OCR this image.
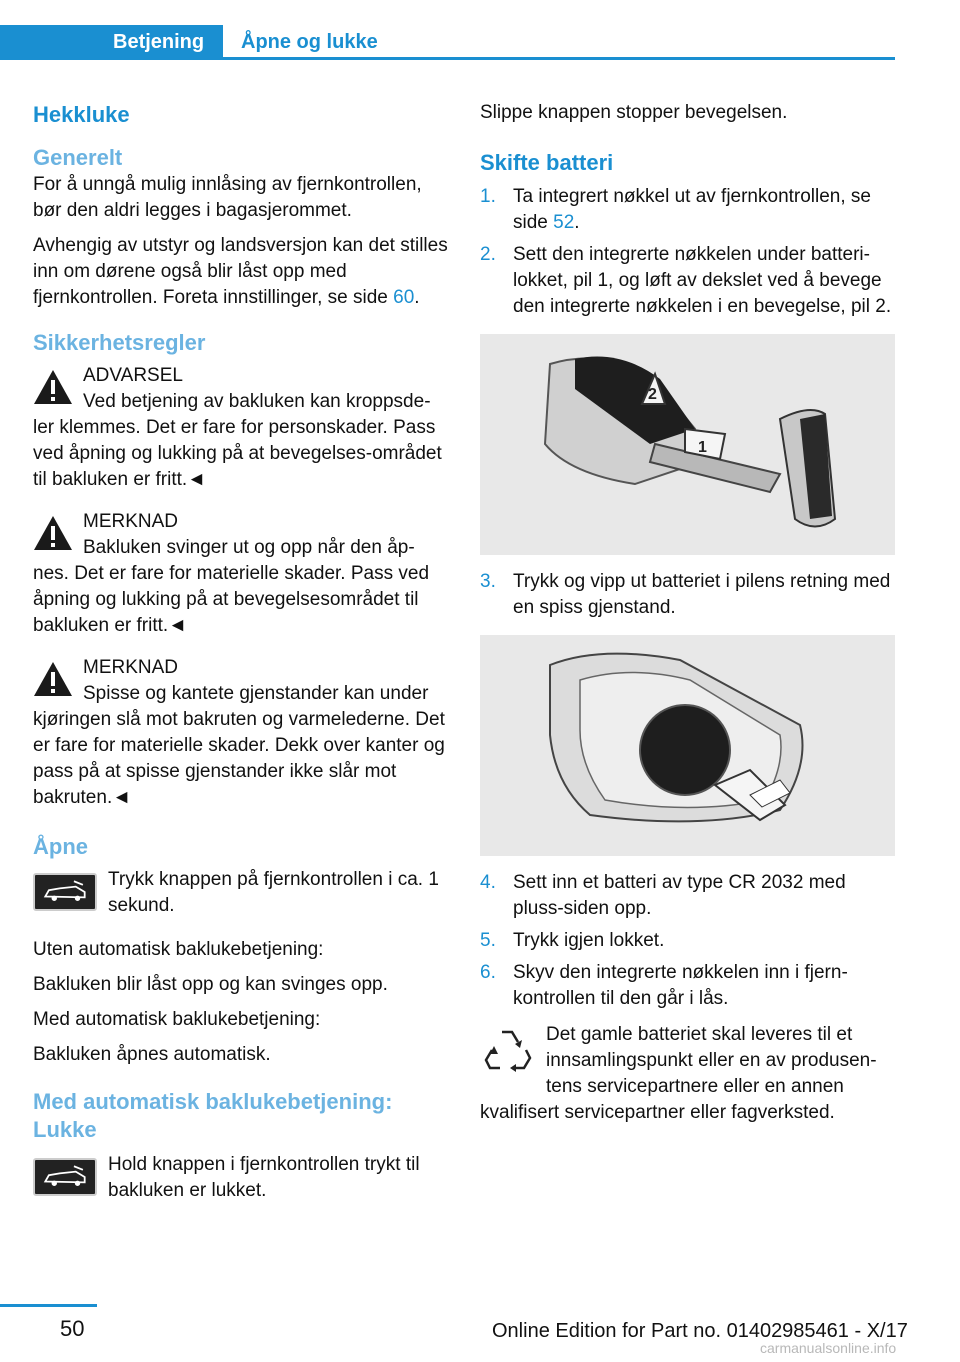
Betjening	Åpne og lukke
Hekkluke
Generelt
For å unngå mulig innlåsing av fjernkontrollen, bør den aldri legges i bagasjerommet.
Avhengig av utstyr og landsversjon kan det stilles inn om dørene også blir låst opp med fjernkontrollen. Foreta innstillinger, se side 60.
Sikkerhetsregler
ADVARSEL
Ved betjening av bakluken kan kroppsde-
ler klemmes. Det er fare for personskader. Pass ved åpning og lukking på at bevegelses-området til bakluken er fritt.◄
MERKNAD
Bakluken svinger ut og opp når den åp-
nes. Det er fare for materielle skader. Pass ved åpning og lukking på at bevegelsesområdet til bakluken er fritt.◄
MERKNAD
Spisse og kantete gjenstander kan under
kjøringen slå mot bakruten og varmelederne. Det er fare for materielle skader. Dekk over kanter og pass på at spisse gjenstander ikke slår mot bakruten.◄
Åpne
Trykk knappen på fjernkontrollen i ca. 1 sekund.
Uten automatisk baklukebetjening:
Bakluken blir låst opp og kan svinges opp.
Med automatisk baklukebetjening:
Bakluken åpnes automatisk.
Med automatisk baklukebetjening: Lukke
Hold knappen i fjernkontrollen trykt til bakluken er lukket.
Slippe knappen stopper bevegelsen.
Skifte batteri
1. Ta integrert nøkkel ut av fjernkontrollen, se side 52.
2. Sett den integrerte nøkkelen under batteri-lokket, pil 1, og løft av dekslet ved å bevege den integrerte nøkkelen i en bevegelse, pil 2.
2
1
3. Trykk og vipp ut batteriet i pilens retning med en spiss gjenstand.
4. Sett inn et batteri av type CR 2032 med pluss-siden opp.
5. Trykk igjen lokket.
6. Skyv den integrerte nøkkelen inn i fjern-kontrollen til den går i lås.
Det gamle batteriet skal leveres til et innsamlingspunkt eller en av produsen-tens servicepartnere eller en annen
kvalifisert servicepartner eller fagverksted.
50	Online Edition for Part no. 01402985461 - X/17
carmanualsonline.info
